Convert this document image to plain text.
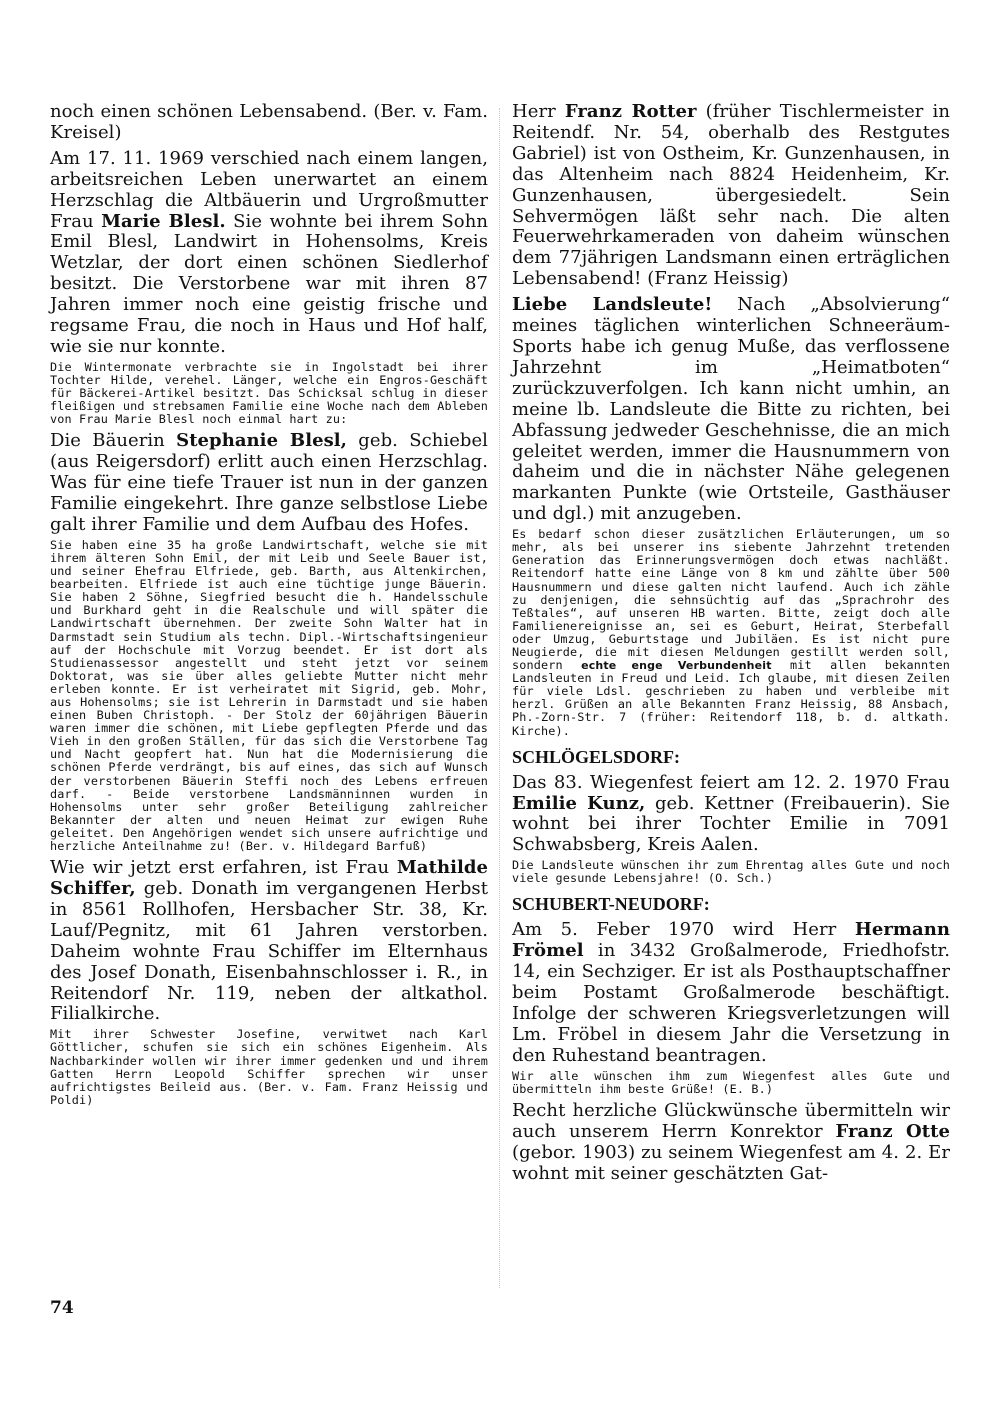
noch einen schönen Lebensabend. (Ber. v. Fam. Kreisel)

Am 17. 11. 1969 verschied nach einem langen, arbeitsreichen Leben unerwartet an einem Herzschlag die Altbäuerin und Urgroßmutter Frau Marie Blesl. Sie wohnte bei ihrem Sohn Emil Blesl, Landwirt in Hohensolms, Kreis Wetzlar, der dort einen schönen Siedlerhof besitzt. Die Verstorbene war mit ihren 87 Jahren immer noch eine geistig frische und regsame Frau, die noch in Haus und Hof half, wie sie nur konnte.

Die Wintermonate verbrachte sie in Ingolstadt bei ihrer Tochter Hilde, verehel. Länger, welche ein Engros-Geschäft für Bäckerei-Artikel besitzt. Das Schicksal schlug in dieser fleißigen und strebsamen Familie eine Woche nach dem Ableben von Frau Marie Blesl noch einmal hart zu:

Die Bäuerin Stephanie Blesl, geb. Schiebel (aus Reigersdorf) erlitt auch einen Herzschlag. Was für eine tiefe Trauer ist nun in der ganzen Familie eingekehrt. Ihre ganze selbstlose Liebe galt ihrer Familie und dem Aufbau des Hofes.

Sie haben eine 35 ha große Landwirtschaft, welche sie mit ihrem älteren Sohn Emil, der mit Leib und Seele Bauer ist, und seiner Ehefrau Elfriede, geb. Barth, aus Altenkirchen, bearbeiten. Elfriede ist auch eine tüchtige junge Bäuerin. Sie haben 2 Söhne, Siegfried besucht die h. Handelsschule und Burkhard geht in die Realschule und will später die Landwirtschaft übernehmen. Der zweite Sohn Walter hat in Darmstadt sein Studium als techn. Dipl.-Wirtschaftsingenieur auf der Hochschule mit Vorzug beendet. Er ist dort als Studienassessor angestellt und steht jetzt vor seinem Doktorat, was sie über alles geliebte Mutter nicht mehr erleben konnte. Er ist verheiratet mit Sigrid, geb. Mohr, aus Hohensolms; sie ist Lehrerin in Darmstadt und sie haben einen Buben Christoph. - Der Stolz der 60jährigen Bäuerin waren immer die schönen, mit Liebe gepflegten Pferde und das Vieh in den großen Ställen, für das sich die Verstorbene Tag und Nacht geopfert hat. Nun hat die Modernisierung die schönen Pferde verdrängt, bis auf eines, das sich auf Wunsch der verstorbenen Bäuerin Steffi noch des Lebens erfreuen darf. - Beide verstorbene Landsmänninnen wurden in Hohensolms unter sehr großer Beteiligung zahlreicher Bekannter der alten und neuen Heimat zur ewigen Ruhe geleitet. Den Angehörigen wendet sich unsere aufrichtige und herzliche Anteilnahme zu! (Ber. v. Hildegard Barfuß)

Wie wir jetzt erst erfahren, ist Frau Mathilde Schiffer, geb. Donath im vergangenen Herbst in 8561 Rollhofen, Hersbacher Str. 38, Kr. Lauf/Pegnitz, mit 61 Jahren verstorben. Daheim wohnte Frau Schiffer im Elternhaus des Josef Donath, Eisenbahnschlosser i. R., in Reitendorf Nr. 119, neben der altkathol. Filialkirche.

Mit ihrer Schwester Josefine, verwitwet nach Karl Göttlicher, schufen sie sich ein schönes Eigenheim. Als Nachbarkinder wollen wir ihrer immer gedenken und und ihrem Gatten Herrn Leopold Schiffer sprechen wir unser aufrichtigstes Beileid aus. (Ber. v. Fam. Franz Heissig und Poldi)

Herr Franz Rotter (früher Tischlermeister in Reitendf. Nr. 54, oberhalb des Restgutes Gabriel) ist von Ostheim, Kr. Gunzenhausen, in das Altenheim nach 8824 Heidenheim, Kr. Gunzenhausen, übergesiedelt. Sein Sehvermögen läßt sehr nach. Die alten Feuerwehrkameraden von daheim wünschen dem 77jährigen Landsmann einen erträglichen Lebensabend! (Franz Heissig)

Liebe Landsleute! Nach „Absolvierung“ meines täglichen winterlichen Schneeräum-Sports habe ich genug Muße, das verflossene Jahrzehnt im „Heimatboten“ zurückzuverfolgen. Ich kann nicht umhin, an meine lb. Landsleute die Bitte zu richten, bei Abfassung jedweder Geschehnisse, die an mich geleitet werden, immer die Hausnummern von daheim und die in nächster Nähe gelegenen markanten Punkte (wie Ortsteile, Gasthäuser und dgl.) mit anzugeben.

Es bedarf schon dieser zusätzlichen Erläuterungen, um so mehr, als bei unserer ins siebente Jahrzehnt tretenden Generation das Erinnerungsvermögen doch etwas nachläßt. Reitendorf hatte eine Länge von 8 km und zählte über 500 Hausnummern und diese galten nicht laufend. Auch ich zähle zu denjenigen, die sehnsüchtig auf das „Sprachrohr des Teßtales“, auf unseren HB warten. Bitte, zeigt doch alle Familienereignisse an, sei es Geburt, Heirat, Sterbefall oder Umzug, Geburtstage und Jubiläen. Es ist nicht pure Neugierde, die mit diesen Meldungen gestillt werden soll, sondern echte enge Verbundenheit mit allen bekannten Landsleuten in Freud und Leid. Ich glaube, mit diesen Zeilen für viele Ldsl. geschrieben zu haben und verbleibe mit herzl. Grüßen an alle Bekannten Franz Heissig, 88 Ansbach, Ph.-Zorn-Str. 7 (früher: Reitendorf 118, b. d. altkath. Kirche).

SCHLÖGELSDORF:

Das 83. Wiegenfest feiert am 12. 2. 1970 Frau Emilie Kunz, geb. Kettner (Freibauerin). Sie wohnt bei ihrer Tochter Emilie in 7091 Schwabsberg, Kreis Aalen.

Die Landsleute wünschen ihr zum Ehrentag alles Gute und noch viele gesunde Lebensjahre! (O. Sch.)

SCHUBERT-NEUDORF:

Am 5. Feber 1970 wird Herr Hermann Frömel in 3432 Großalmerode, Friedhofstr. 14, ein Sechziger. Er ist als Posthauptschaffner beim Postamt Großalmerode beschäftigt. Infolge der schweren Kriegsverletzungen will Lm. Fröbel in diesem Jahr die Versetzung in den Ruhestand beantragen.

Wir alle wünschen ihm zum Wiegenfest alles Gute und übermitteln ihm beste Grüße! (E. B.)

Recht herzliche Glückwünsche übermitteln wir auch unserem Herrn Konrektor Franz Otte (gebor. 1903) zu seinem Wiegenfest am 4. 2. Er wohnt mit seiner geschätzten Gat-

74
